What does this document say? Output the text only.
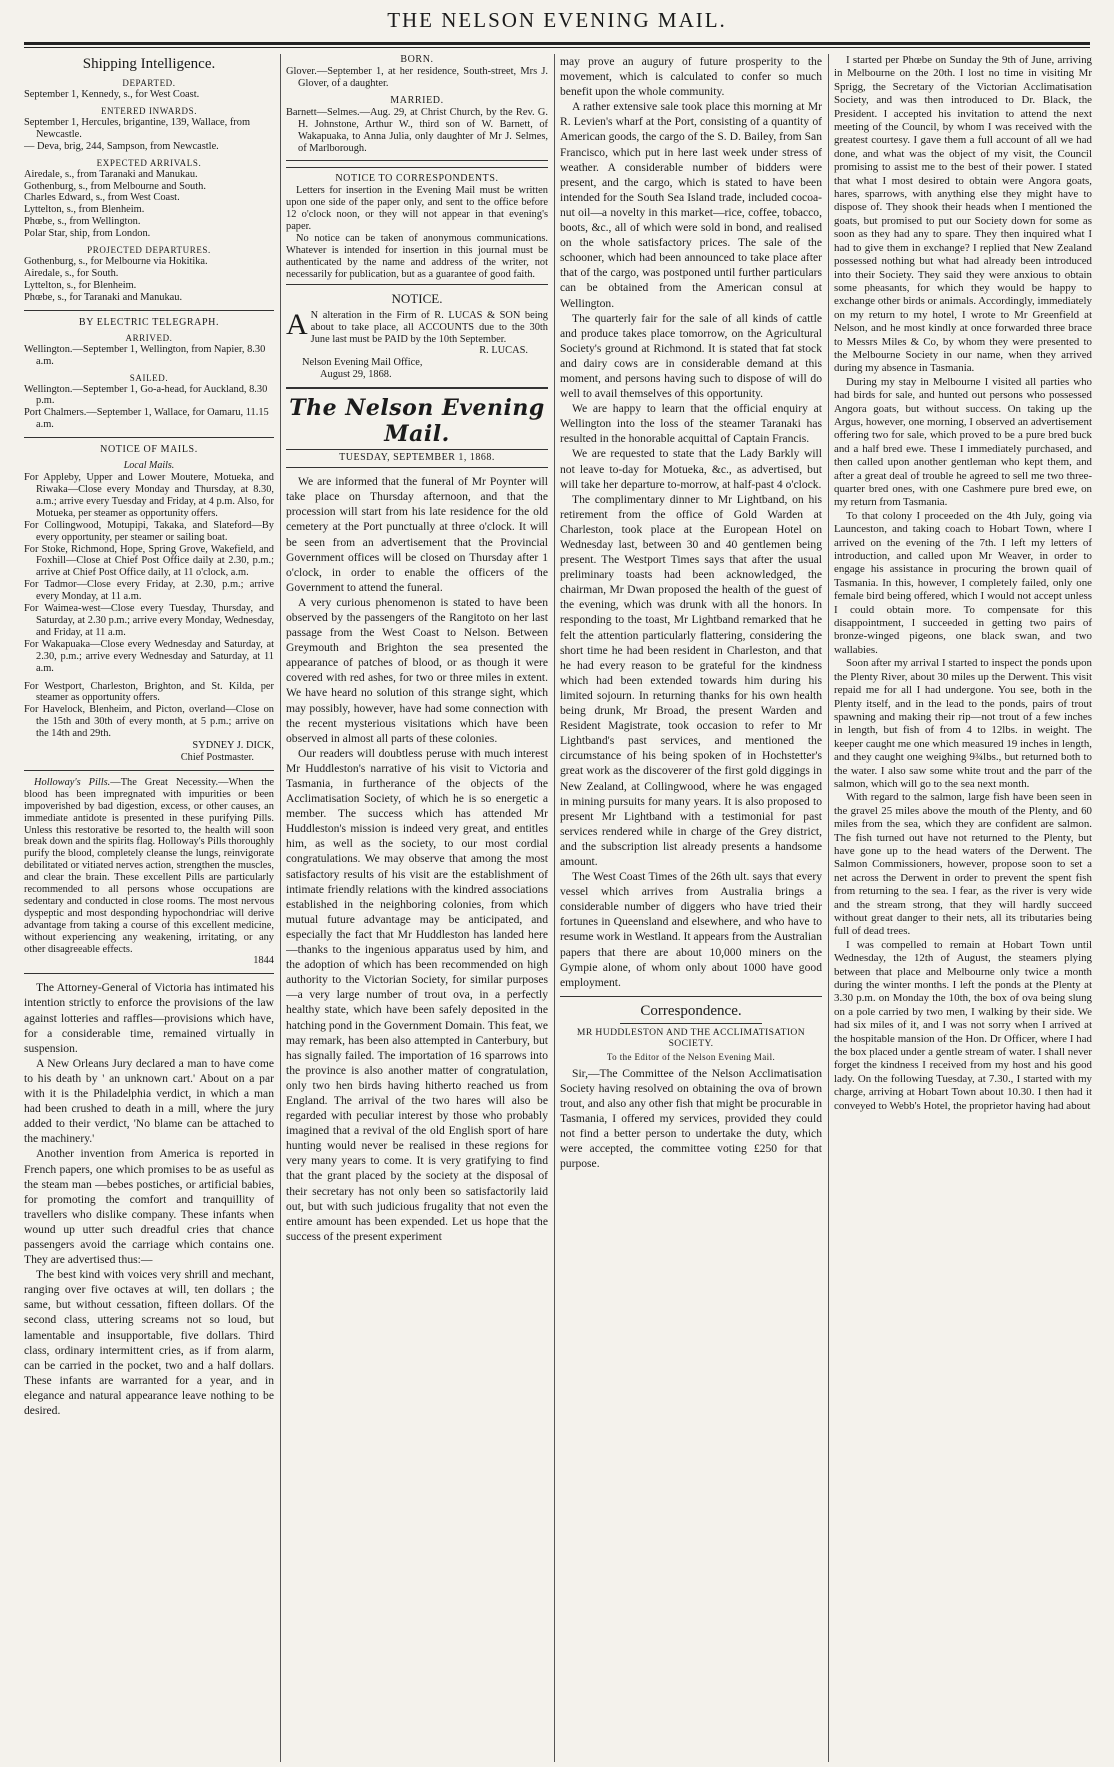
THE NELSON EVENING MAIL.
Shipping Intelligence.
DEPARTED.

September 1, Kennedy, s., for West Coast.

ENTERED INWARDS.

September 1, Hercules, brigantine, 139, Wallace, from Newcastle.

— Deva, brig, 244, Sampson, from Newcastle.

EXPECTED ARRIVALS.

Airedale, s., from Taranaki and Manukau.

Gothenburg, s., from Melbourne and South.

Charles Edward, s., from West Coast.

Lyttelton, s., from Blenheim.

Phœbe, s., from Wellington.

Polar Star, ship, from London.

PROJECTED DEPARTURES.

Gothenburg, s., for Melbourne via Hokitika.

Airedale, s., for South.

Lyttelton, s., for Blenheim.

Phœbe, s., for Taranaki and Manukau.

BY ELECTRIC TELEGRAPH.
ARRIVED.

Wellington.—September 1, Wellington, from Napier, 8.30 a.m.

SAILED.

Wellington.—September 1, Go-a-head, for Auckland, 8.30 p.m.

Port Chalmers.—September 1, Wallace, for Oamaru, 11.15 a.m.

NOTICE OF MAILS.
Local Mails.

For Appleby, Upper and Lower Moutere, Motueka, and Riwaka—Close every Monday and Thursday, at 8.30, a.m.; arrive every Tuesday and Friday, at 4 p.m. Also, for Motueka, per steamer as opportunity offers.

For Collingwood, Motupipi, Takaka, and Slateford—By every opportunity, per steamer or sailing boat.

For Stoke, Richmond, Hope, Spring Grove, Wakefield, and Foxhill—Close at Chief Post Office daily at 2.30, p.m.; arrive at Chief Post Office daily, at 11 o'clock, a.m.

For Tadmor—Close every Friday, at 2.30, p.m.; arrive every Monday, at 11 a.m.

For Waimea-west—Close every Tuesday, Thursday, and Saturday, at 2.30 p.m.; arrive every Monday, Wednesday, and Friday, at 11 a.m.

For Wakapuaka—Close every Wednesday and Saturday, at 2.30, p.m.; arrive every Wednesday and Saturday, at 11 a.m.

For Westport, Charleston, Brighton, and St. Kilda, per steamer as opportunity offers.

For Havelock, Blenheim, and Picton, overland—Close on the 15th and 30th of every month, at 5 p.m.; arrive on the 14th and 29th.

SYDNEY J. DICK,

Chief Postmaster.

Holloway's Pills.—The Great Necessity.—When the blood has been impregnated with impurities or been impoverished by bad digestion, excess, or other causes, an immediate antidote is presented in these purifying Pills. Unless this restorative be resorted to, the health will soon break down and the spirits flag. Holloway's Pills thoroughly purify the blood, completely cleanse the lungs, reinvigorate debilitated or vitiated nerves action, strengthen the muscles, and clear the brain. These excellent Pills are particularly recommended to all persons whose occupations are sedentary and conducted in close rooms. The most nervous dyspeptic and most desponding hypochondriac will derive advantage from taking a course of this excellent medicine, without experiencing any weakening, irritating, or any other disagreeable effects.

1844

The Attorney-General of Victoria has intimated his intention strictly to enforce the provisions of the law against lotteries and raffles—provisions which have, for a considerable time, remained virtually in suspension.

A New Orleans Jury declared a man to have come to his death by ' an unknown cart.' About on a par with it is the Philadelphia verdict, in which a man had been crushed to death in a mill, where the jury added to their verdict, 'No blame can be attached to the machinery.'

Another invention from America is reported in French papers, one which promises to be as useful as the steam man —bebes postiches, or artificial babies, for promoting the comfort and tranquillity of travellers who dislike company. These infants when wound up utter such dreadful cries that chance passengers avoid the carriage which contains one. They are advertised thus:—

The best kind with voices very shrill and mechant, ranging over five octaves at will, ten dollars ; the same, but without cessation, fifteen dollars. Of the second class, uttering screams not so loud, but lamentable and insupportable, five dollars. Third class, ordinary intermittent cries, as if from alarm, can be carried in the pocket, two and a half dollars. These infants are warranted for a year, and in elegance and natural appearance leave nothing to be desired.

BORN.

Glover.—September 1, at her residence, South-street, Mrs J. Glover, of a daughter.

MARRIED.

Barnett—Selmes.—Aug. 29, at Christ Church, by the Rev. G. H. Johnstone, Arthur W., third son of W. Barnett, of Wakapuaka, to Anna Julia, only daughter of Mr J. Selmes, of Marlborough.

NOTICE TO CORRESPONDENTS.

Letters for insertion in the Evening Mail must be written upon one side of the paper only, and sent to the office before 12 o'clock noon, or they will not appear in that evening's paper.

No notice can be taken of anonymous communications. Whatever is intended for insertion in this journal must be authenticated by the name and address of the writer, not necessarily for publication, but as a guarantee of good faith.

NOTICE.

A N alteration in the Firm of R. LUCAS & SON being about to take place, all ACCOUNTS due to the 30th June last must be PAID by the 10th September.

R. LUCAS.

Nelson Evening Mail Office,

August 29, 1868.

The Nelson Evening Mail.
TUESDAY, SEPTEMBER 1, 1868.

We are informed that the funeral of Mr Poynter will take place on Thursday afternoon, and that the procession will start from his late residence for the old cemetery at the Port punctually at three o'clock. It will be seen from an advertisement that the Provincial Government offices will be closed on Thursday after 1 o'clock, in order to enable the officers of the Government to attend the funeral.

A very curious phenomenon is stated to have been observed by the passengers of the Rangitoto on her last passage from the West Coast to Nelson. Between Greymouth and Brighton the sea presented the appearance of patches of blood, or as though it were covered with red ashes, for two or three miles in extent. We have heard no solution of this strange sight, which may possibly, however, have had some connection with the recent mysterious visitations which have been observed in almost all parts of these colonies.

Our readers will doubtless peruse with much interest Mr Huddleston's narrative of his visit to Victoria and Tasmania, in furtherance of the objects of the Acclimatisation Society, of which he is so energetic a member. The success which has attended Mr Huddleston's mission is indeed very great, and entitles him, as well as the society, to our most cordial congratulations. We may observe that among the most satisfactory results of his visit are the establishment of intimate friendly relations with the kindred associations established in the neighboring colonies, from which mutual future advantage may be anticipated, and especially the fact that Mr Huddleston has landed here—thanks to the ingenious apparatus used by him, and the adoption of which has been recommended on high authority to the Victorian Society, for similar purposes—a very large number of trout ova, in a perfectly healthy state, which have been safely deposited in the hatching pond in the Government Domain. This feat, we may remark, has been also attempted in Canterbury, but has signally failed. The importation of 16 sparrows into the province is also another matter of congratulation, only two hen birds having hitherto reached us from England. The arrival of the two hares will also be regarded with peculiar interest by those who probably imagined that a revival of the old English sport of hare hunting would never be realised in these regions for very many years to come. It is very gratifying to find that the grant placed by the society at the disposal of their secretary has not only been so satisfactorily laid out, but with such judicious frugality that not even the entire amount has been expended. Let us hope that the success of the present experiment

may prove an augury of future prosperity to the movement, which is calculated to confer so much benefit upon the whole community.

A rather extensive sale took place this morning at Mr R. Levien's wharf at the Port, consisting of a quantity of American goods, the cargo of the S. D. Bailey, from San Francisco, which put in here last week under stress of weather. A considerable number of bidders were present, and the cargo, which is stated to have been intended for the South Sea Island trade, included cocoa-nut oil—a novelty in this market—rice, coffee, tobacco, boots, &c., all of which were sold in bond, and realised on the whole satisfactory prices. The sale of the schooner, which had been announced to take place after that of the cargo, was postponed until further particulars can be obtained from the American consul at Wellington.

The quarterly fair for the sale of all kinds of cattle and produce takes place tomorrow, on the Agricultural Society's ground at Richmond. It is stated that fat stock and dairy cows are in considerable demand at this moment, and persons having such to dispose of will do well to avail themselves of this opportunity.

We are happy to learn that the official enquiry at Wellington into the loss of the steamer Taranaki has resulted in the honorable acquittal of Captain Francis.

We are requested to state that the Lady Barkly will not leave to-day for Motueka, &c., as advertised, but will take her departure to-morrow, at half-past 4 o'clock.

The complimentary dinner to Mr Lightband, on his retirement from the office of Gold Warden at Charleston, took place at the European Hotel on Wednesday last, between 30 and 40 gentlemen being present. The Westport Times says that after the usual preliminary toasts had been acknowledged, the chairman, Mr Dwan proposed the health of the guest of the evening, which was drunk with all the honors. In responding to the toast, Mr Lightband remarked that he felt the attention particularly flattering, considering the short time he had been resident in Charleston, and that he had every reason to be grateful for the kindness which had been extended towards him during his limited sojourn. In returning thanks for his own health being drunk, Mr Broad, the present Warden and Resident Magistrate, took occasion to refer to Mr Lightband's past services, and mentioned the circumstance of his being spoken of in Hochstetter's great work as the discoverer of the first gold diggings in New Zealand, at Collingwood, where he was engaged in mining pursuits for many years. It is also proposed to present Mr Lightband with a testimonial for past services rendered while in charge of the Grey district, and the subscription list already presents a handsome amount.

The West Coast Times of the 26th ult. says that every vessel which arrives from Australia brings a considerable number of diggers who have tried their fortunes in Queensland and elsewhere, and who have to resume work in Westland. It appears from the Australian papers that there are about 10,000 miners on the Gympie alone, of whom only about 1000 have good employment.

Correspondence.
MR HUDDLESTON AND THE ACCLIMATISATION SOCIETY.
To the Editor of the Nelson Evening Mail.

Sir,—The Committee of the Nelson Acclimatisation Society having resolved on obtaining the ova of brown trout, and also any other fish that might be procurable in Tasmania, I offered my services, provided they could not find a better person to undertake the duty, which were accepted, the committee voting £250 for that purpose.

I started per Phœbe on Sunday the 9th of June, arriving in Melbourne on the 20th. I lost no time in visiting Mr Sprigg, the Secretary of the Victorian Acclimatisation Society, and was then introduced to Dr. Black, the President. I accepted his invitation to attend the next meeting of the Council, by whom I was received with the greatest courtesy. I gave them a full account of all we had done, and what was the object of my visit, the Council promising to assist me to the best of their power. I stated that what I most desired to obtain were Angora goats, hares, sparrows, with anything else they might have to dispose of. They shook their heads when I mentioned the goats, but promised to put our Society down for some as soon as they had any to spare. They then inquired what I had to give them in exchange? I replied that New Zealand possessed nothing but what had already been introduced into their Society. They said they were anxious to obtain some pheasants, for which they would be happy to exchange other birds or animals. Accordingly, immediately on my return to my hotel, I wrote to Mr Greenfield at Nelson, and he most kindly at once forwarded three brace to Messrs Miles & Co, by whom they were presented to the Melbourne Society in our name, when they arrived during my absence in Tasmania.

During my stay in Melbourne I visited all parties who had birds for sale, and hunted out persons who possessed Angora goats, but without success. On taking up the Argus, however, one morning, I observed an advertisement offering two for sale, which proved to be a pure bred buck and a half bred ewe. These I immediately purchased, and then called upon another gentleman who kept them, and after a great deal of trouble he agreed to sell me two three-quarter bred ones, with one Cashmere pure bred ewe, on my return from Tasmania.

To that colony I proceeded on the 4th July, going via Launceston, and taking coach to Hobart Town, where I arrived on the evening of the 7th. I left my letters of introduction, and called upon Mr Weaver, in order to engage his assistance in procuring the brown quail of Tasmania. In this, however, I completely failed, only one female bird being offered, which I would not accept unless I could obtain more. To compensate for this disappointment, I succeeded in getting two pairs of bronze-winged pigeons, one black swan, and two wallabies.

Soon after my arrival I started to inspect the ponds upon the Plenty River, about 30 miles up the Derwent. This visit repaid me for all I had undergone. You see, both in the Plenty itself, and in the lead to the ponds, pairs of trout spawning and making their rip—not trout of a few inches in length, but fish of from 4 to 12lbs. in weight. The keeper caught me one which measured 19 inches in length, and they caught one weighing 9¾lbs., but returned both to the water. I also saw some white trout and the parr of the salmon, which will go to the sea next month.

With regard to the salmon, large fish have been seen in the gravel 25 miles above the mouth of the Plenty, and 60 miles from the sea, which they are confident are salmon. The fish turned out have not returned to the Plenty, but have gone up to the head waters of the Derwent. The Salmon Commissioners, however, propose soon to set a net across the Derwent in order to prevent the spent fish from returning to the sea. I fear, as the river is very wide and the stream strong, that they will hardly succeed without great danger to their nets, all its tributaries being full of dead trees.

I was compelled to remain at Hobart Town until Wednesday, the 12th of August, the steamers plying between that place and Melbourne only twice a month during the winter months. I left the ponds at the Plenty at 3.30 p.m. on Monday the 10th, the box of ova being slung on a pole carried by two men, I walking by their side. We had six miles of it, and I was not sorry when I arrived at the hospitable mansion of the Hon. Dr Officer, where I had the box placed under a gentle stream of water. I shall never forget the kindness I received from my host and his good lady. On the following Tuesday, at 7.30., I started with my charge, arriving at Hobart Town about 10.30. I then had it conveyed to Webb's Hotel, the proprietor having had about
